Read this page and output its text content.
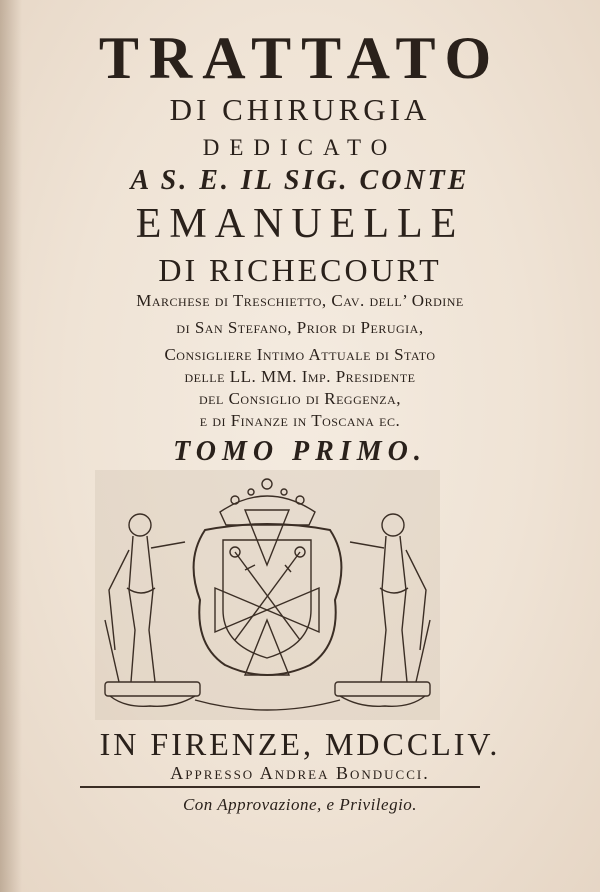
TRATTATO
DI CHIRURGIA
DEDICATO
A S. E. IL SIG. CONTE
EMANUELLE
DI RICHECOURT
Marchese di Treschietto, Cav. dell’ Ordine
di San Stefano, Prior di Perugia,
Consigliere Intimo Attuale di Stato
delle LL. MM. Imp. Presidente
del Consiglio di Reggenza,
e di Finanze in Toscana ec.
TOMO PRIMO.
IN FIRENZE, MDCCLIV.
Appreſſo Andrea Bonducci.
Con Approvazione, e Privilegio.
